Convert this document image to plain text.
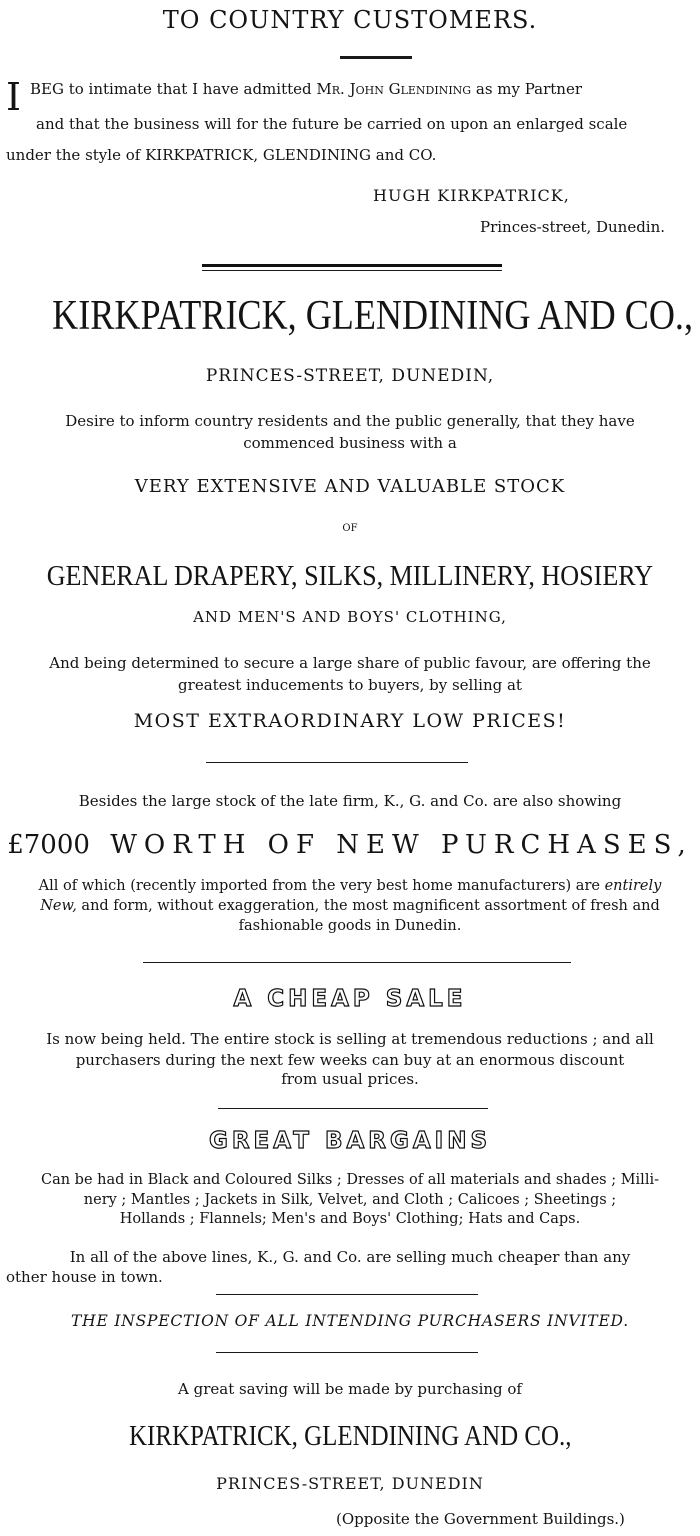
TO COUNTRY CUSTOMERS.
I BEG to intimate that I have admitted Mr. John Glendining as my Partner
and that the business will for the future be carried on upon an enlarged scale
under the style of KIRKPATRICK, GLENDINING and CO.
HUGH KIRKPATRICK,
Princes-street, Dunedin.
KIRKPATRICK, GLENDINING AND CO.,
PRINCES-STREET, DUNEDIN,
Desire to inform country residents and the public generally, that they have
commenced business with a
VERY EXTENSIVE AND VALUABLE STOCK
OF
GENERAL DRAPERY, SILKS, MILLINERY, HOSIERY
AND MEN'S AND BOYS' CLOTHING,
And being determined to secure a large share of public favour, are offering the
greatest inducements to buyers, by selling at
MOST EXTRAORDINARY LOW PRICES!
Besides the large stock of the late firm, K., G. and Co. are also showing
£7000 WORTH OF NEW PURCHASES,
All of which (recently imported from the very best home manufacturers) are entirely
New, and form, without exaggeration, the most magnificent assortment of fresh and
fashionable goods in Dunedin.
A CHEAP SALE
Is now being held. The entire stock is selling at tremendous reductions ; and all
purchasers during the next few weeks can buy at an enormous discount
from usual prices.
GREAT BARGAINS
Can be had in Black and Coloured Silks ; Dresses of all materials and shades ; Milli-
nery ; Mantles ; Jackets in Silk, Velvet, and Cloth ; Calicoes ; Sheetings ;
Hollands ; Flannels; Men's and Boys' Clothing; Hats and Caps.
In all of the above lines, K., G. and Co. are selling much cheaper than any
other house in town.
THE INSPECTION OF ALL INTENDING PURCHASERS INVITED.
A great saving will be made by purchasing of
KIRKPATRICK, GLENDINING AND CO.,
PRINCES-STREET, DUNEDIN
(Opposite the Government Buildings.)
